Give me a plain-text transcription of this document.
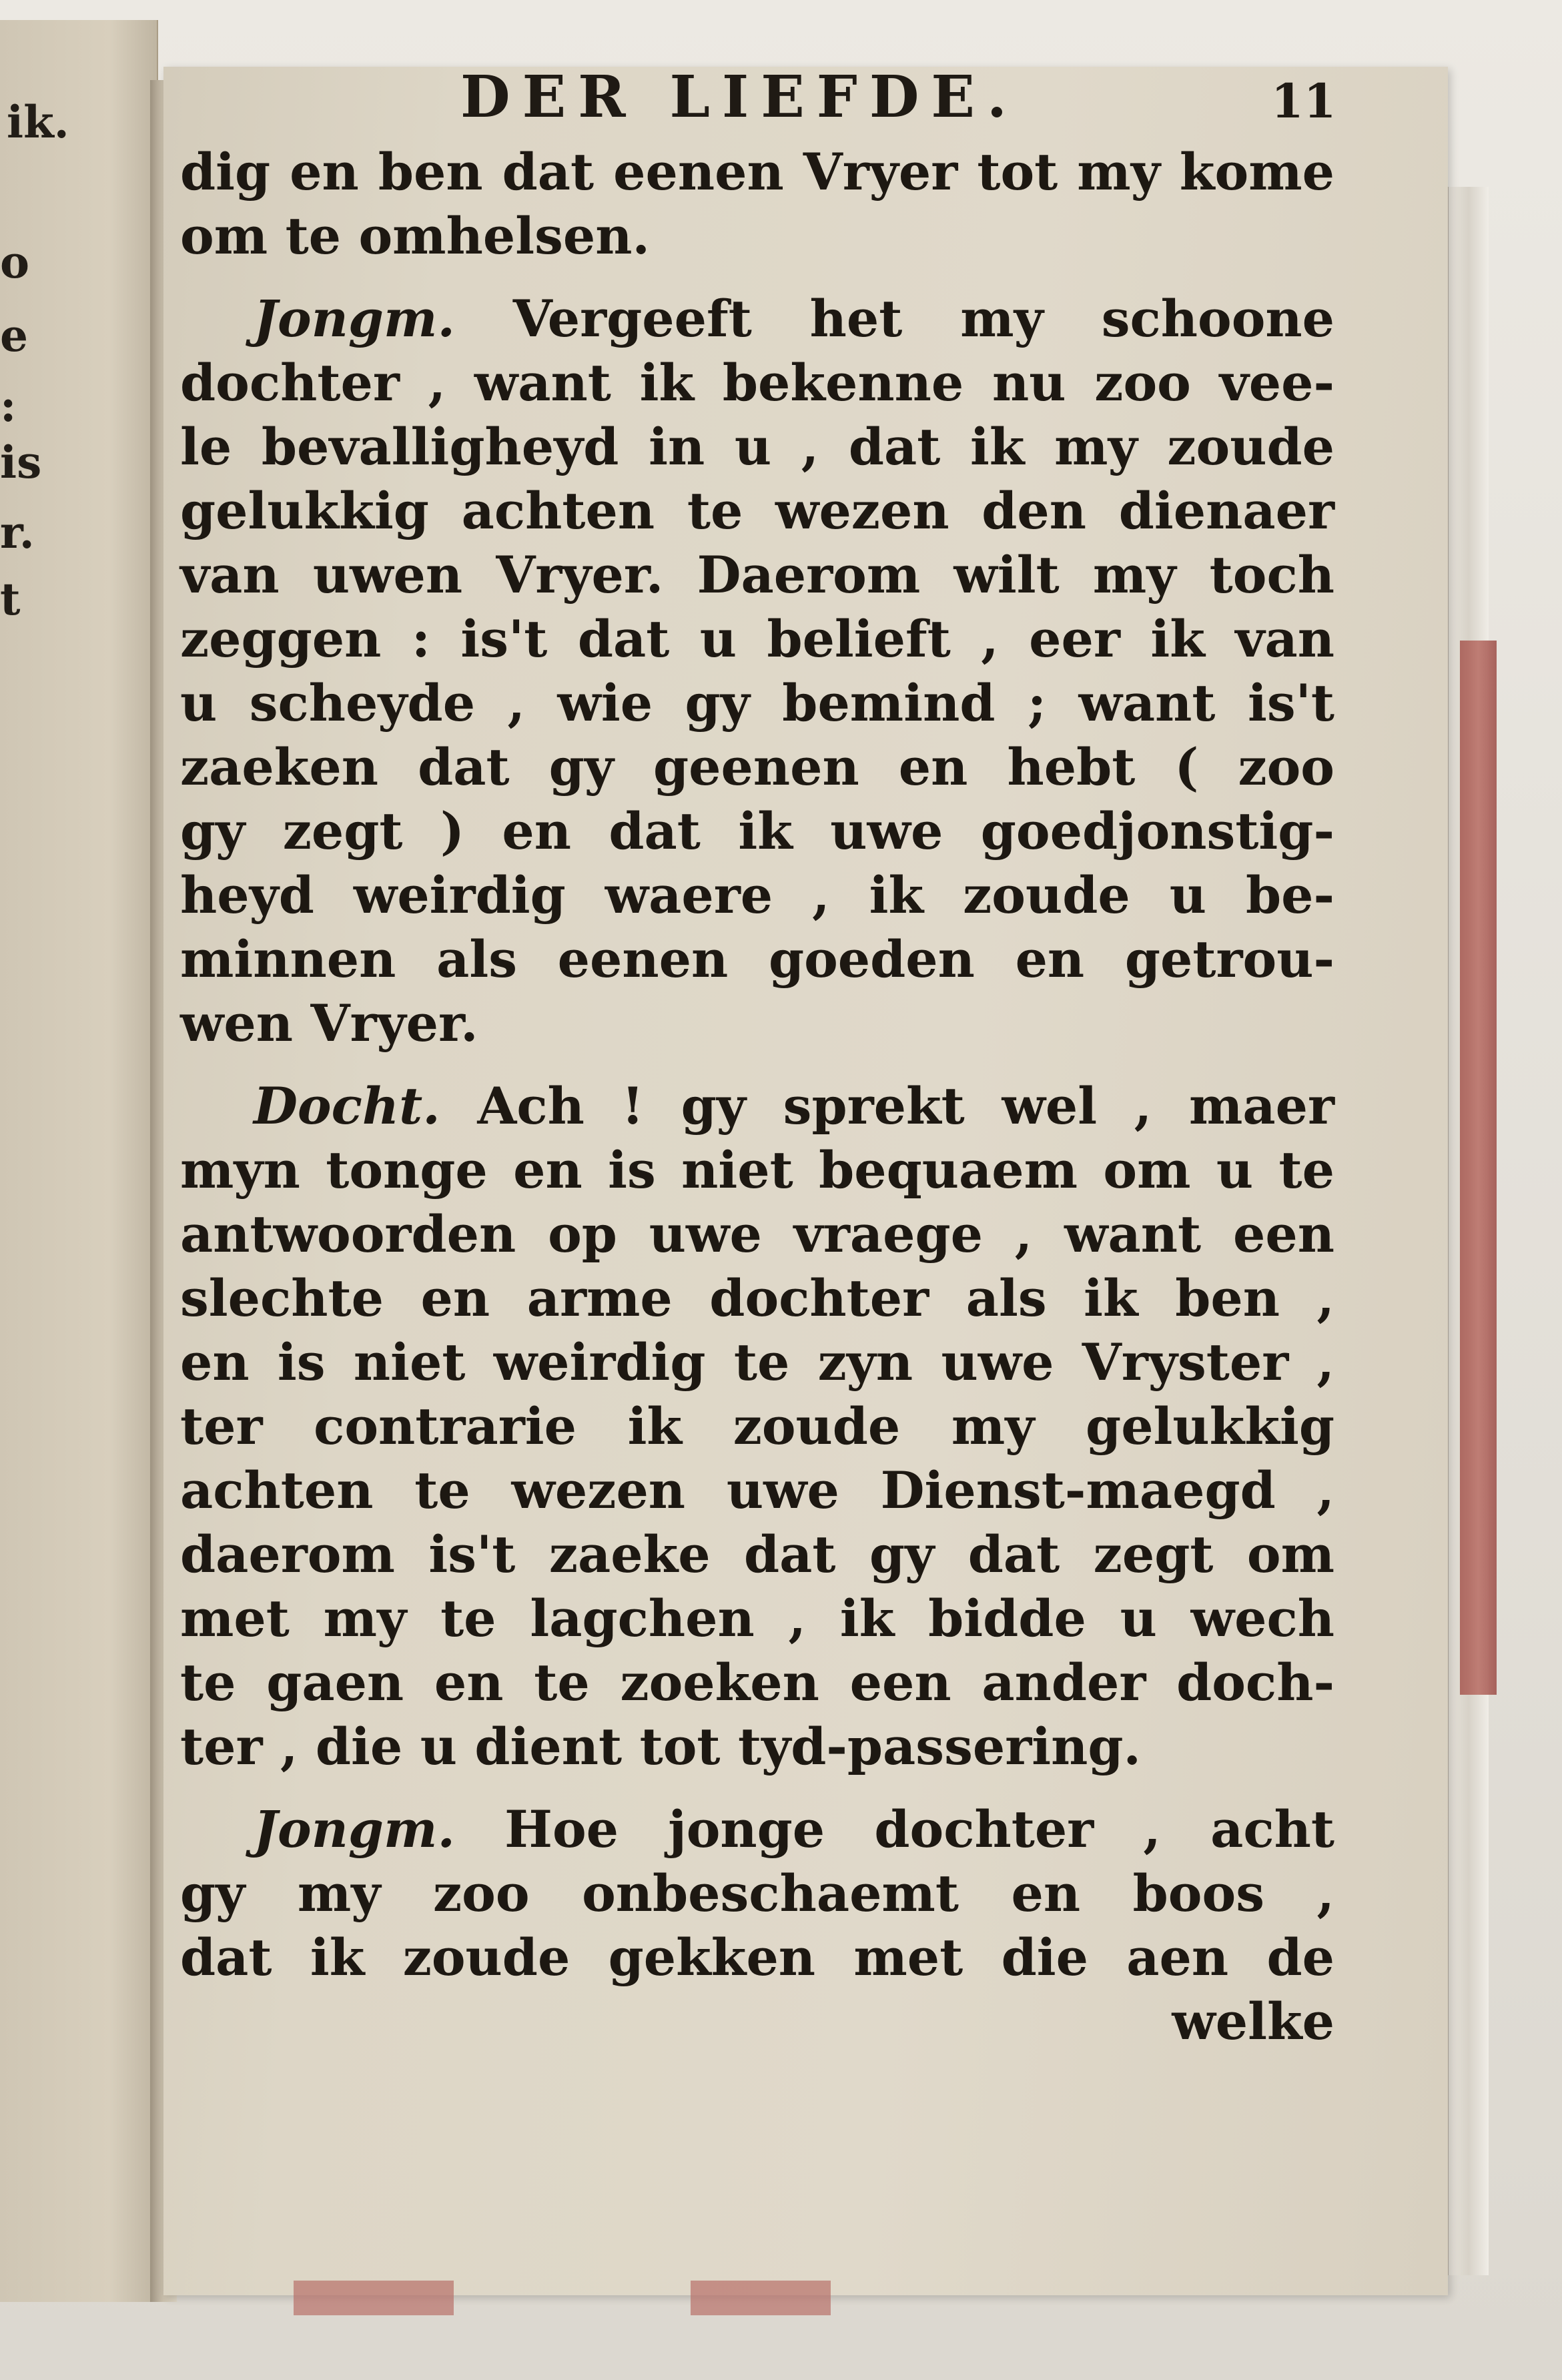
ik.
o
e
:
is
r.
t
DER LIEFDE.	11
dig en ben dat eenen Vryer tot my kome
om te omhelsen.
Jongm. Vergeeft het my schoone
dochter , want ik bekenne nu zoo vee-
le bevalligheyd in u , dat ik my zoude
gelukkig achten te wezen den dienaer
van uwen Vryer. Daerom wilt my toch
zeggen : is't dat u belieft , eer ik van
u scheyde , wie gy bemind ; want is't
zaeken dat gy geenen en hebt ( zoo
gy zegt ) en dat ik uwe goedjonstig-
heyd weirdig waere , ik zoude u be-
minnen als eenen goeden en getrou-
wen Vryer.
Docht. Ach ! gy sprekt wel , maer
myn tonge en is niet bequaem om u te
antwoorden op uwe vraege , want een
slechte en arme dochter als ik ben ,
en is niet weirdig te zyn uwe Vryster ,
ter contrarie ik zoude my gelukkig
achten te wezen uwe Dienst-maegd ,
daerom is't zaeke dat gy dat zegt om
met my te lagchen , ik bidde u wech
te gaen en te zoeken een ander doch-
ter , die u dient tot tyd-passering.
Jongm. Hoe jonge dochter , acht
gy my zoo onbeschaemt en boos ,
dat ik zoude gekken met die aen de
welke
